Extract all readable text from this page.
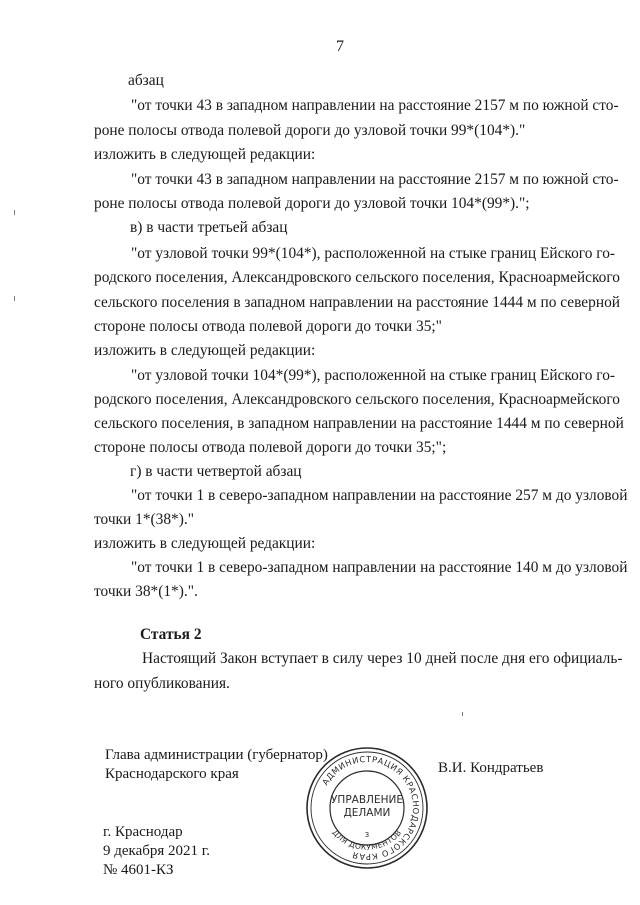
7
абзац
"от точки 43 в западном направлении на расстояние 2157 м по южной сто-
роне полосы отвода полевой дороги до узловой точки 99*(104*)."
изложить в следующей редакции:
"от точки 43 в западном направлении на расстояние 2157 м по южной сто-
роне полосы отвода полевой дороги до узловой точки 104*(99*).";
в) в части третьей абзац
"от узловой точки 99*(104*), расположенной на стыке границ Ейского го-
родского поселения, Александровского сельского поселения, Красноармейского
сельского поселения в западном направлении на расстояние 1444 м по северной
стороне полосы отвода полевой дороги до точки 35;"
изложить в следующей редакции:
"от узловой точки 104*(99*), расположенной на стыке границ Ейского го-
родского поселения, Александровского сельского поселения, Красноармейского
сельского поселения, в западном направлении на расстояние 1444 м по северной
стороне полосы отвода полевой дороги до точки 35;";
г) в части четвертой абзац
"от точки 1 в северо-западном направлении на расстояние 257 м до узловой
точки 1*(38*)."
изложить в следующей редакции:
"от точки 1 в северо-западном направлении на расстояние 140 м до узловой
точки 38*(1*).".
Статья 2
Настоящий Закон вступает в силу через 10 дней после дня его официаль-
ного опубликования.
Глава администрации (губернатор)
Краснодарского края	В.И. Кондратьев
АДМИНИСТРАЦИЯ КРАСНОДАРСКОГО КРАЯ
ДЛЯ ДОКУМЕНТОВ
УПРАВЛЕНИЕ
ДЕЛАМИ
3
г. Краснодар
9 декабря 2021 г.
№ 4601-КЗ
